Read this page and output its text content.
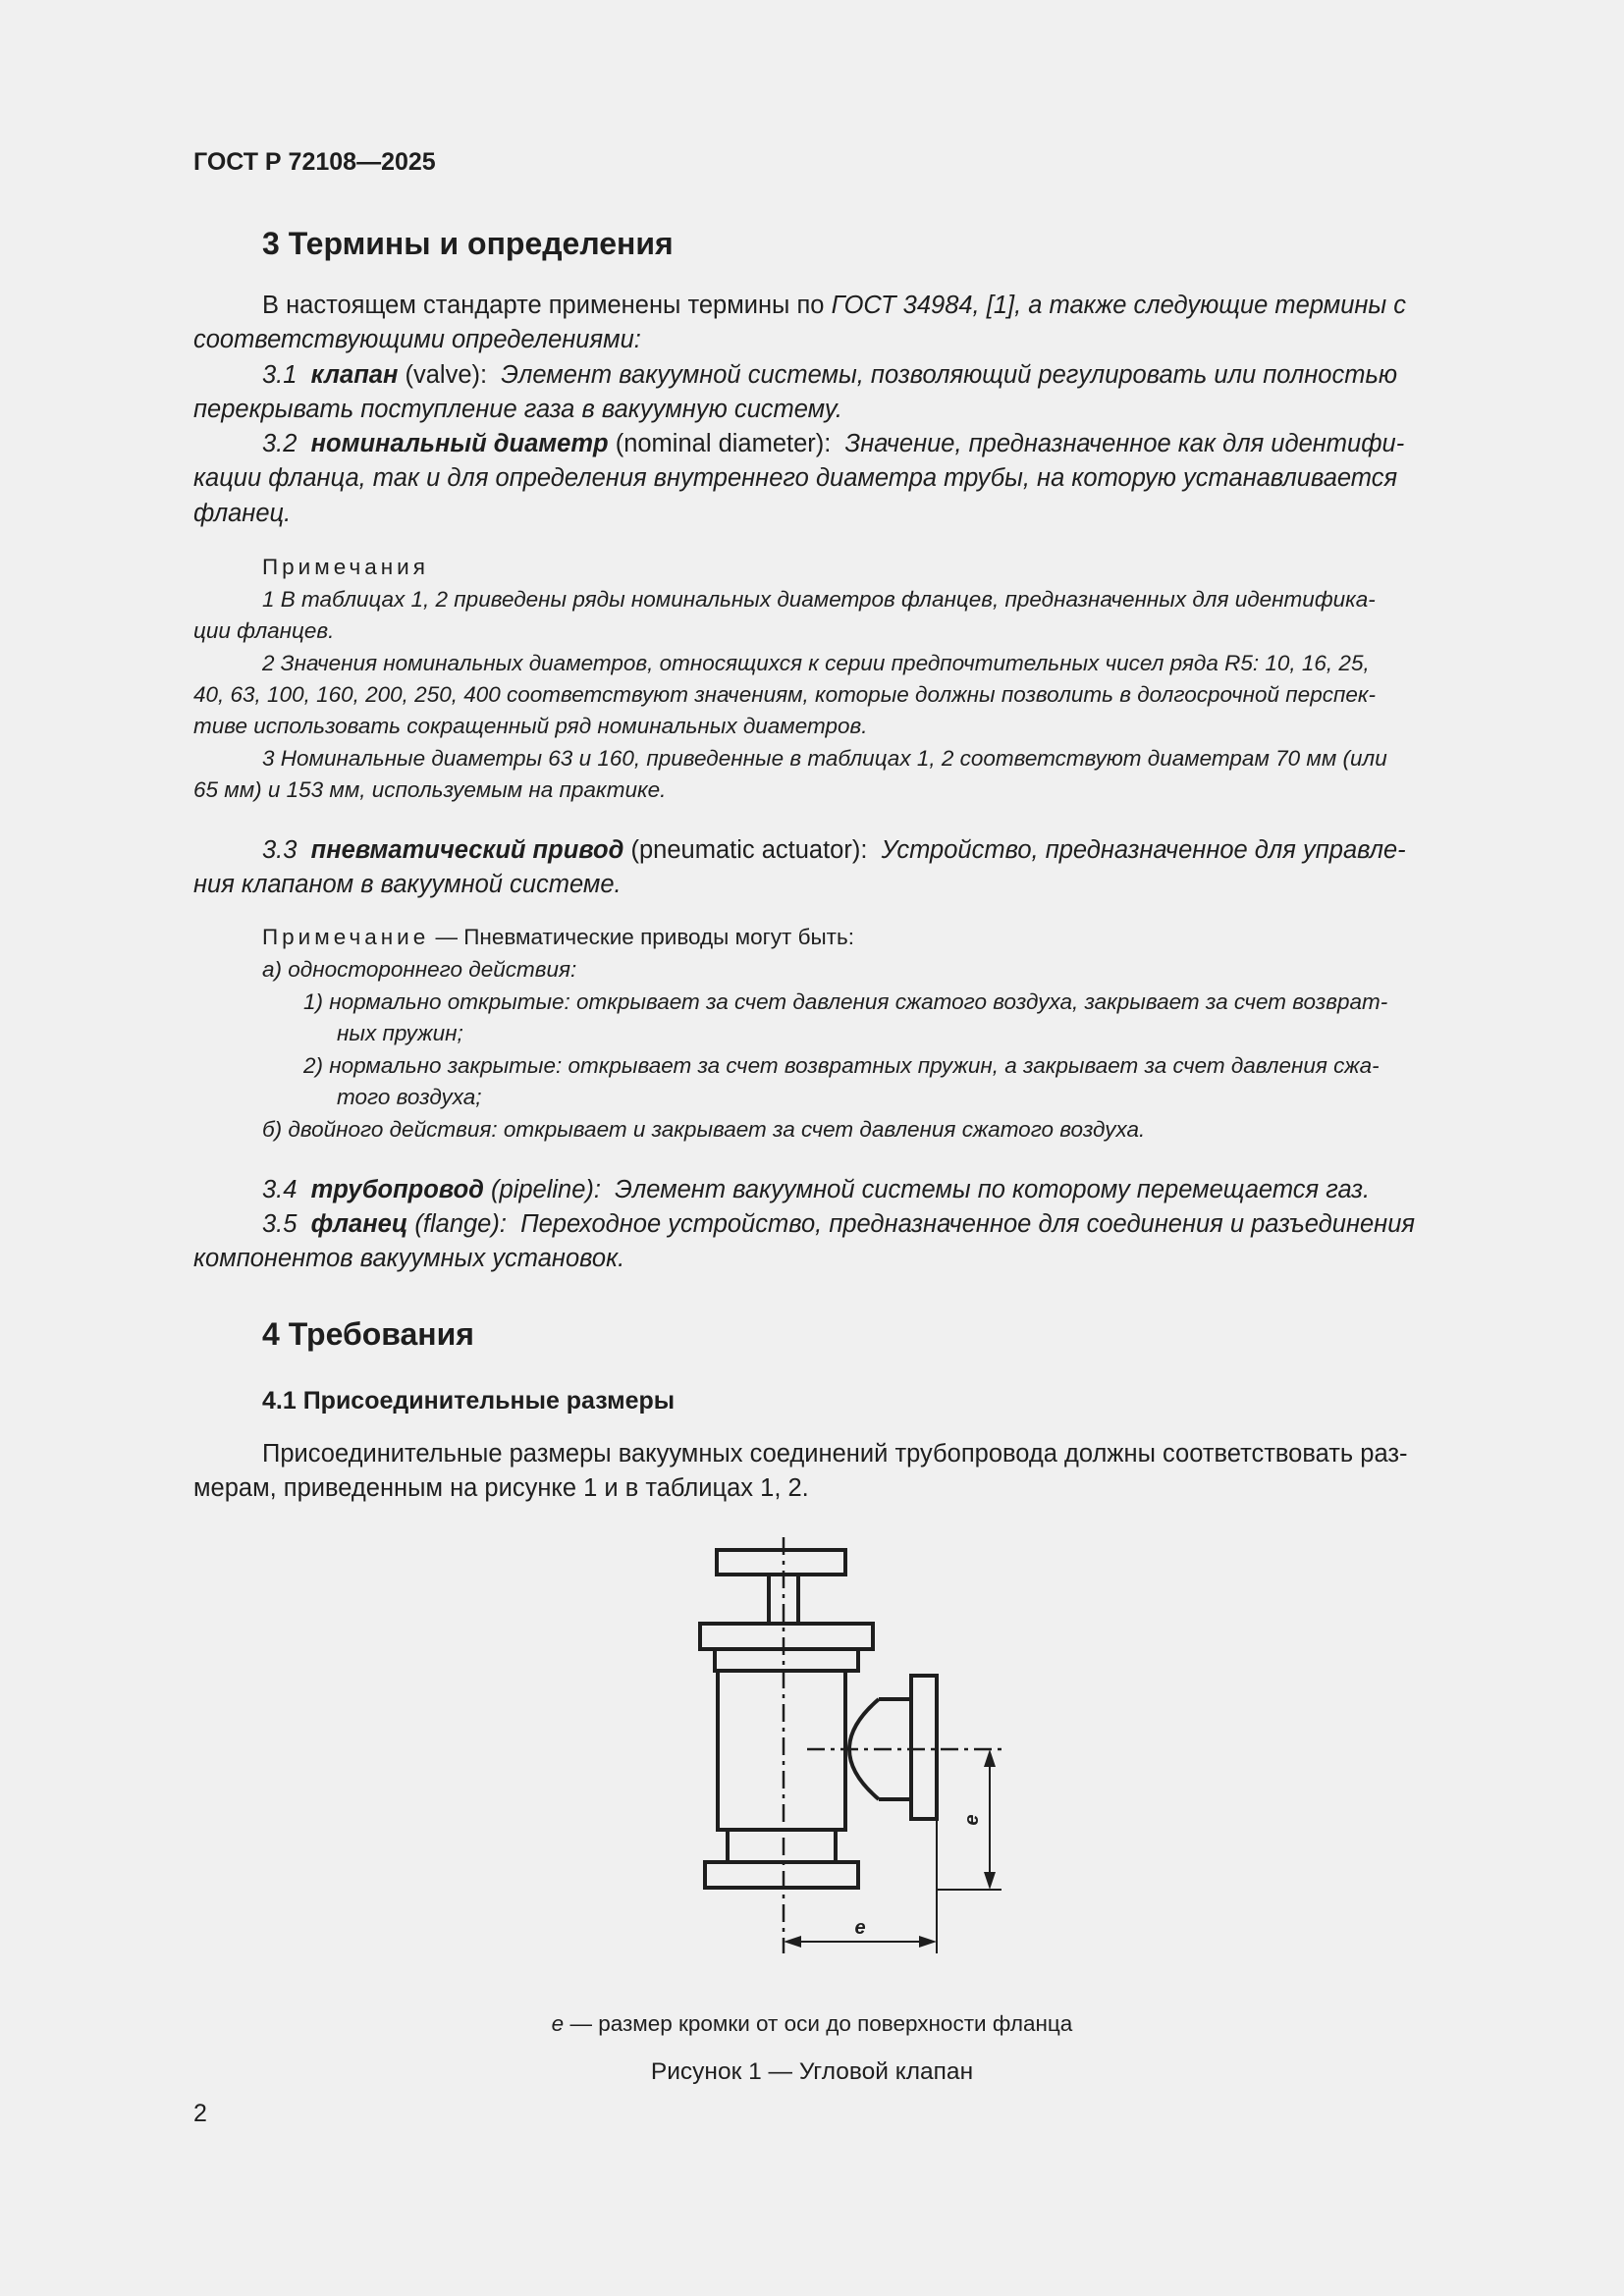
ГОСТ Р 72108—2025

3 Термины и определения

В настоящем стандарте применены термины по ГОСТ 34984, [1], а также следующие термины с

соответствующими определениями:

3.1 клапан (valve): Элемент вакуумной системы, позволяющий регулировать или полностью

перекрывать поступление газа в вакуумную систему.

3.2 номинальный диаметр (nominal diameter): Значение, предназначенное как для идентифи-

кации фланца, так и для определения внутреннего диаметра трубы, на которую устанавливается

фланец.

Примечания

1 В таблицах 1, 2 приведены ряды номинальных диаметров фланцев, предназначенных для идентифика-

ции фланцев.

2 Значения номинальных диаметров, относящихся к серии предпочтительных чисел ряда R5: 10, 16, 25,

40, 63, 100, 160, 200, 250, 400 соответствуют значениям, которые должны позволить в долгосрочной перспек-

тиве использовать сокращенный ряд номинальных диаметров.

3 Номинальные диаметры 63 и 160, приведенные в таблицах 1, 2 соответствуют диаметрам 70 мм (или

65 мм) и 153 мм, используемым на практике.

3.3 пневматический привод (pneumatic actuator): Устройство, предназначенное для управле-

ния клапаном в вакуумной системе.

Примечание — Пневматические приводы могут быть:

а) одностороннего действия:

1) нормально открытые: открывает за счет давления сжатого воздуха, закрывает за счет возврат-

ных пружин;

2) нормально закрытые: открывает за счет возвратных пружин, а закрывает за счет давления сжа-

того воздуха;

б) двойного действия: открывает и закрывает за счет давления сжатого воздуха.

3.4 трубопровод (pipeline): Элемент вакуумной системы по которому перемещается газ.

3.5 фланец (flange): Переходное устройство, предназначенное для соединения и разъединения

компонентов вакуумных установок.

4 Требования

4.1 Присоединительные размеры

Присоединительные размеры вакуумных соединений трубопровода должны соответствовать раз-

мерам, приведенным на рисунке 1 и в таблицах 1, 2.

e
e

e — размер кромки от оси до поверхности фланца

Рисунок 1 — Угловой клапан

2
